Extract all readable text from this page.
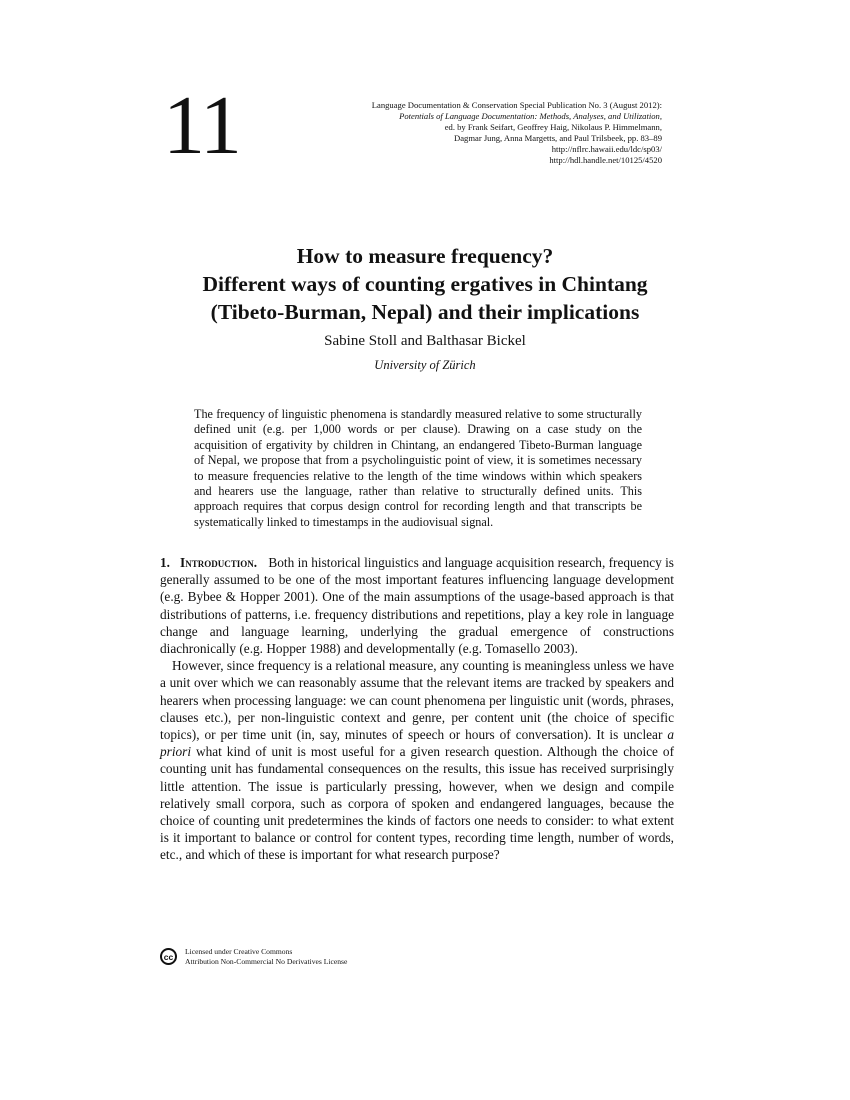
11	Language Documentation & Conservation Special Publication No. 3 (August 2012):
Potentials of Language Documentation: Methods, Analyses, and Utilization,
ed. by Frank Seifart, Geoffrey Haig, Nikolaus P. Himmelmann,
Dagmar Jung, Anna Margetts, and Paul Trilsbeek, pp. 83–89
http://nflrc.hawaii.edu/ldc/sp03/
http://hdl.handle.net/10125/4520
How to measure frequency?
Different ways of counting ergatives in Chintang
(Tibeto-Burman, Nepal) and their implications
Sabine Stoll and Balthasar Bickel
University of Zürich
The frequency of linguistic phenomena is standardly measured relative to some structurally defined unit (e.g. per 1,000 words or per clause). Drawing on a case study on the acquisition of ergativity by children in Chintang, an endangered Tibeto-Burman language of Nepal, we propose that from a psycholinguistic point of view, it is sometimes necessary to measure frequencies relative to the length of the time windows within which speakers and hearers use the language, rather than relative to structurally defined units. This approach requires that corpus design control for recording length and that transcripts be systematically linked to timestamps in the audiovisual signal.

1. Introduction. Both in historical linguistics and language acquisition research, frequency is generally assumed to be one of the most important features influencing language development (e.g. Bybee & Hopper 2001). One of the main assumptions of the usage-based approach is that distributions of patterns, i.e. frequency distributions and repetitions, play a key role in language change and language learning, underlying the gradual emergence of constructions diachronically (e.g. Hopper 1988) and developmentally (e.g. Tomasello 2003).

However, since frequency is a relational measure, any counting is meaningless unless we have a unit over which we can reasonably assume that the relevant items are tracked by speakers and hearers when processing language: we can count phenomena per linguistic unit (words, phrases, clauses etc.), per non-linguistic context and genre, per content unit (the choice of specific topics), or per time unit (in, say, minutes of speech or hours of conversation). It is unclear a priori what kind of unit is most useful for a given research question. Although the choice of counting unit has fundamental consequences on the results, this issue has received surprisingly little attention. The issue is particularly pressing, however, when we design and compile relatively small corpora, such as corpora of spoken and endangered languages, because the choice of counting unit predetermines the kinds of factors one needs to consider: to what extent is it important to balance or control for content types, recording time length, number of words, etc., and which of these is important for what research purpose?

cc	Licensed under Creative Commons
Attribution Non-Commercial No Derivatives License
